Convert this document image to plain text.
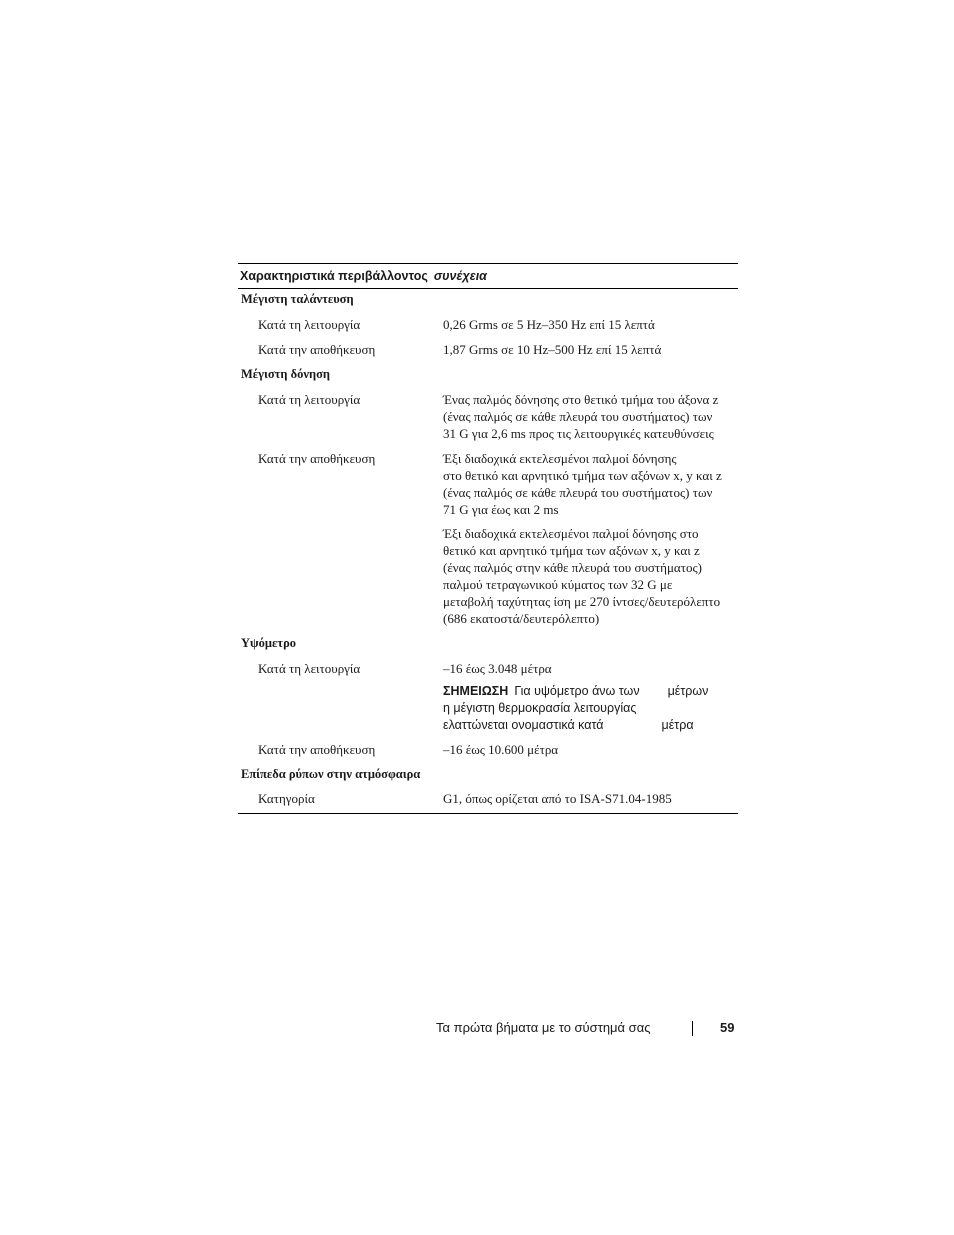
Χαρακτηριστικά περιβάλλοντος συνέχεια
Μέγιστη ταλάντευση
Κατά τη λειτουργία	0,26 Grms σε 5 Hz–350 Hz επί 15 λεπτά
Κατά την αποθήκευση	1,87 Grms σε 10 Hz–500 Hz επί 15 λεπτά
Μέγιστη δόνηση
Κατά τη λειτουργία	Ένας παλμός δόνησης στο θετικό τμήμα του άξονα z
(ένας παλμός σε κάθε πλευρά του συστήματος) των
31 G για 2,6 ms προς τις λειτουργικές κατευθύνσεις
Κατά την αποθήκευση	Έξι διαδοχικά εκτελεσμένοι παλμοί δόνησης
στο θετικό και αρνητικό τμήμα των αξόνων x, y και z
(ένας παλμός σε κάθε πλευρά του συστήματος) των
71 G για έως και 2 ms
Έξι διαδοχικά εκτελεσμένοι παλμοί δόνησης στο
θετικό και αρνητικό τμήμα των αξόνων x, y και z
(ένας παλμός στην κάθε πλευρά του συστήματος)
παλμού τετραγωνικού κύματος των 32 G με
μεταβολή ταχύτητας ίση με 270 ίντσες/δευτερόλεπτο
(686 εκατοστά/δευτερόλεπτο)
Υψόμετρο
Κατά τη λειτουργία	–16 έως 3.048 μέτρα
ΣΗΜΕΙΩΣΗ Για υψόμετρο άνω των μέτρων
η μέγιστη θερμοκρασία λειτουργίας
ελαττώνεται ονομαστικά κατά	μέτρα
Κατά την αποθήκευση	–16 έως 10.600 μέτρα
Επίπεδα ρύπων στην ατμόσφαιρα
Κατηγορία	G1, όπως ορίζεται από το ISA-S71.04-1985
Τα πρώτα βήματα με το σύστημά σας	59
